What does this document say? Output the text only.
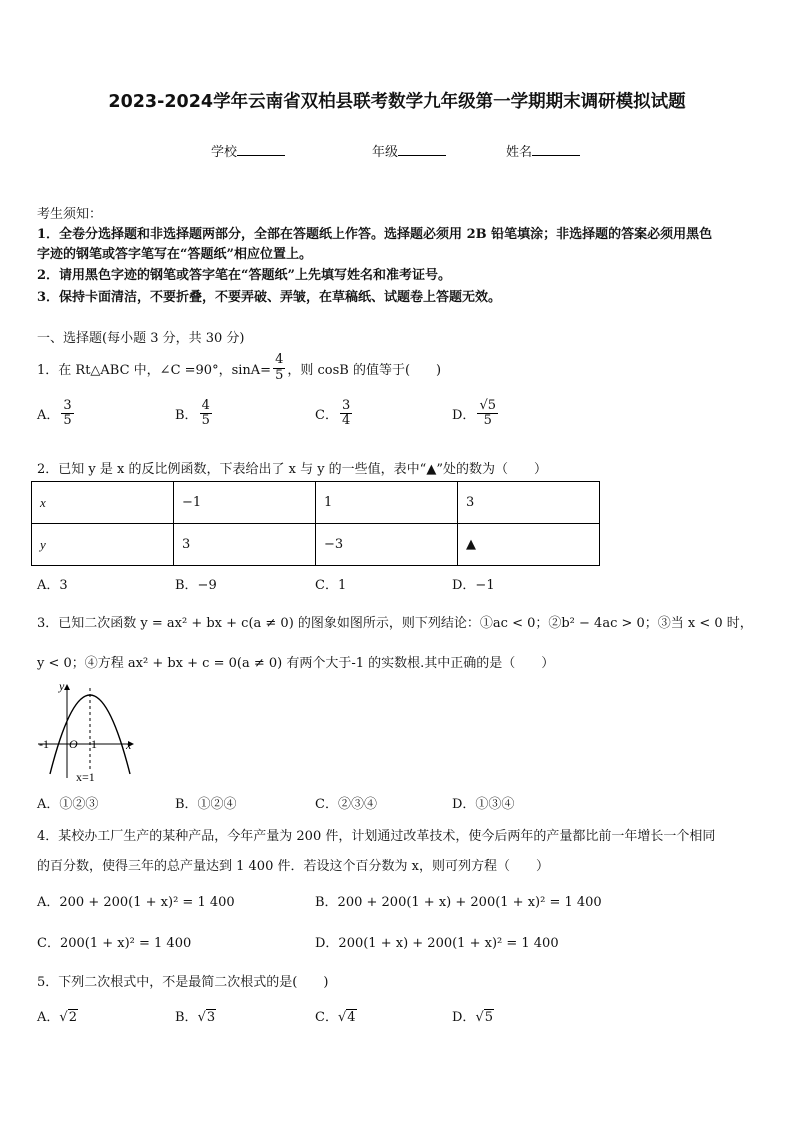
2023-2024学年云南省双柏县联考数学九年级第一学期期末调研模拟试题
学校	年级	姓名
考生须知：
1．全卷分选择题和非选择题两部分，全部在答题纸上作答。选择题必须用 2B 铅笔填涂；非选择题的答案必须用黑色
字迹的钢笔或答字笔写在“答题纸”相应位置上。
2．请用黑色字迹的钢笔或答字笔在“答题纸”上先填写姓名和准考证号。
3．保持卡面清洁，不要折叠，不要弄破、弄皱，在草稿纸、试题卷上答题无效。
一、选择题(每小题 3 分，共 30 分)
1．在 Rt△ABC 中，∠C =90°，$\sin A= \frac{4}{5}$ ，则 cosB 的值等于(　　)
A． $\frac{3}{5}$	B． $\frac{4}{5}$	C． $\frac{3}{4}$	D． $\frac{√5}{5}$
2．已知 y 是 x 的反比例函数，下表给出了 x 与 y 的一些值，表中“▲”处的数为（　　）
x	−1	1	3
y	3	−3	▲
A．3	B．−9	C．1	D．−1
3．已知二次函数 y = ax² + bx + c(a ≠ 0) 的图象如图所示，则下列结论：①ac < 0；②b² − 4ac > 0；③当 x < 0 时，
y < 0；④方程 ax² + bx + c = 0(a ≠ 0) 有两个大于-1 的实数根.其中正确的是（　　）
y
x
O
-1	1
x=1
A．①②③	B．①②④	C．②③④	D．①③④
4．某校办工厂生产的某种产品，今年产量为 200 件，计划通过改革技术，使今后两年的产量都比前一年增长一个相同
的百分数，使得三年的总产量达到 1 400 件．若设这个百分数为 x，则可列方程（　　）
A．200 + 200(1 + x)² = 1 400	B．200 + 200(1 + x) + 200(1 + x)² = 1 400
C．200(1 + x)² = 1 400	D．200(1 + x) + 200(1 + x)² = 1 400
5．下列二次根式中，不是最简二次根式的是(　　)
A．√2	B．√3	C．√4	D．√5
